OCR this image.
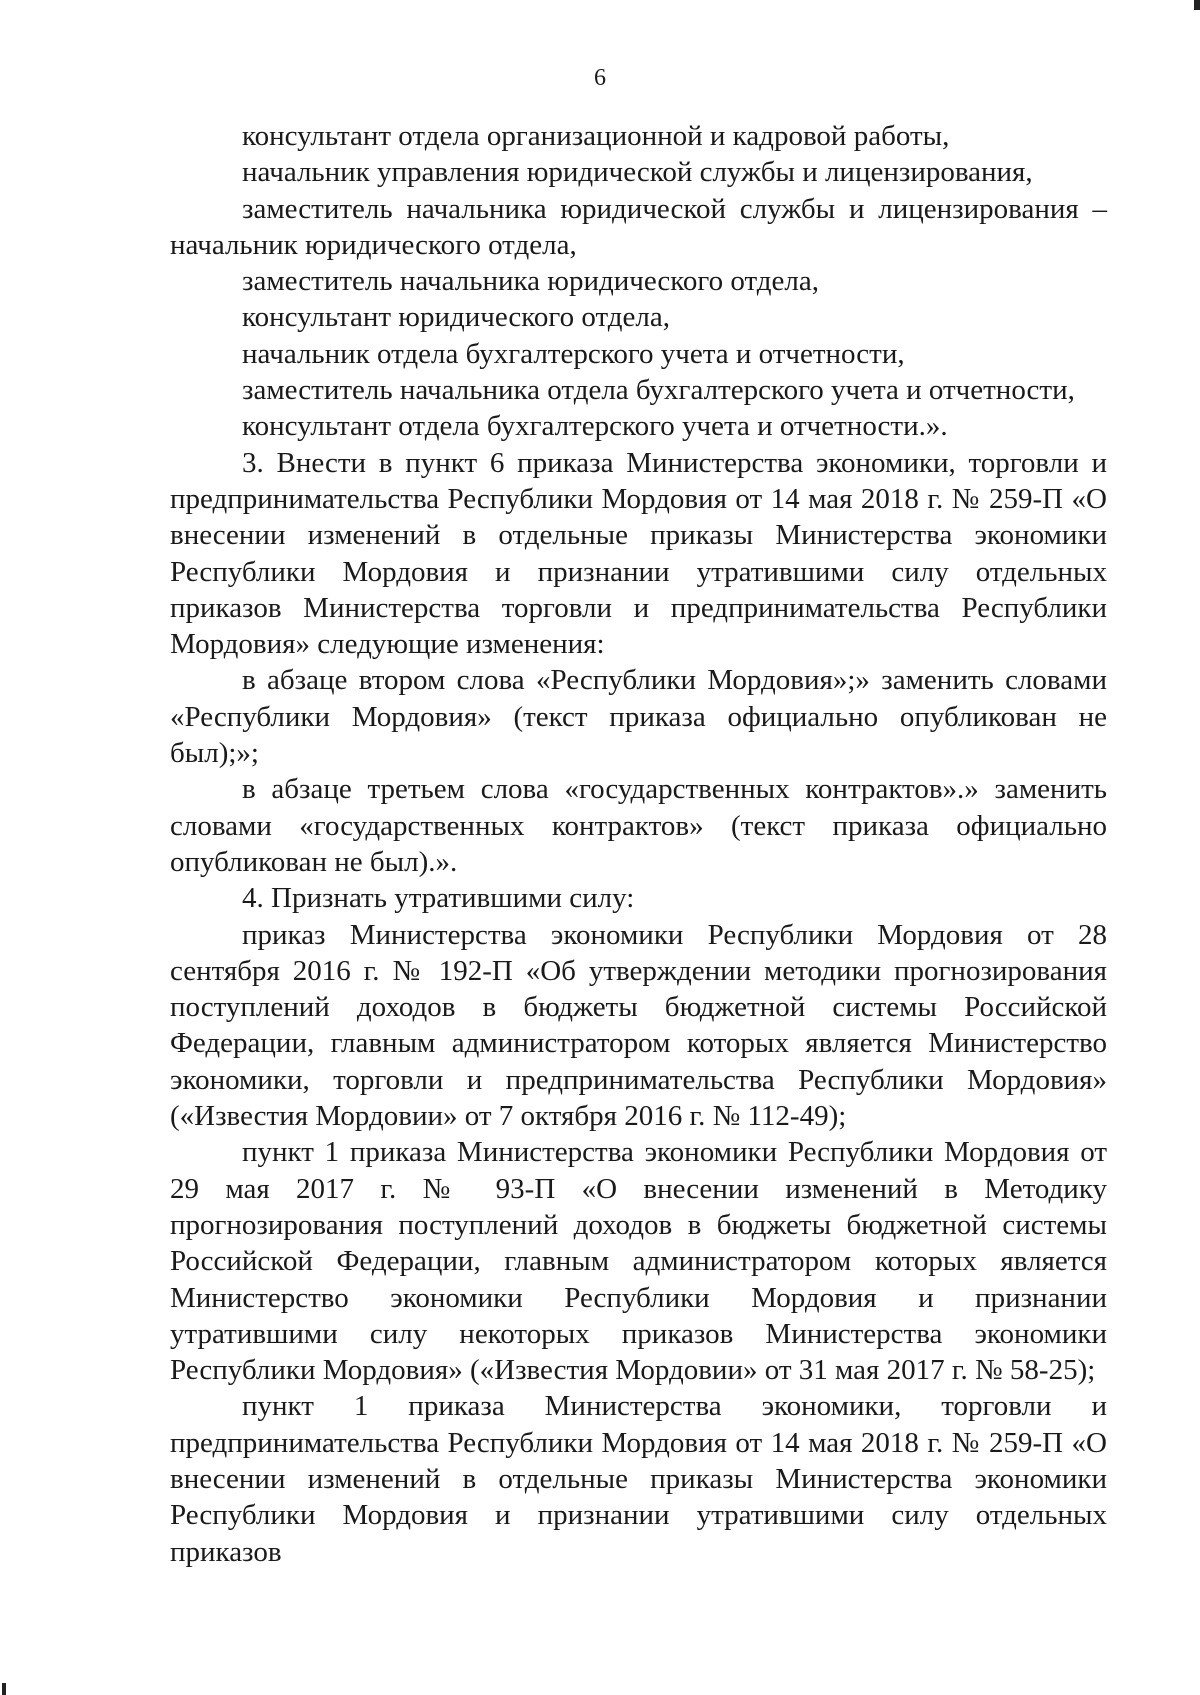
6

консультант отдела организационной и кадровой работы,

начальник управления юридической службы и лицензирования,

заместитель начальника юридической службы и лицензирования – начальник юридического отдела,

заместитель начальника юридического отдела,

консультант юридического отдела,

начальник отдела бухгалтерского учета и отчетности,

заместитель начальника отдела бухгалтерского учета и отчетности,

консультант отдела бухгалтерского учета и отчетности.».

3. Внести в пункт 6 приказа Министерства экономики, торговли и предпринимательства Республики Мордовия от 14 мая 2018 г. № 259-П «О внесении изменений в отдельные приказы Министерства экономики Республики Мордовия и признании утратившими силу отдельных приказов Министерства торговли и предпринимательства Республики Мордовия» следующие изменения:

в абзаце втором слова «Республики Мордовия»;» заменить словами «Республики Мордовия» (текст приказа официально опубликован не был);»;

в абзаце третьем слова «государственных контрактов».» заменить словами «государственных контрактов» (текст приказа официально опубликован не был).».

4. Признать утратившими силу:

приказ Министерства экономики Республики Мордовия от 28 сентября 2016 г. № 192-П «Об утверждении методики прогнозирования поступлений доходов в бюджеты бюджетной системы Российской Федерации, главным администратором которых является Министерство экономики, торговли и предпринимательства Республики Мордовия» («Известия Мордовии» от 7 октября 2016 г. № 112-49);

пункт 1 приказа Министерства экономики Республики Мордовия от 29 мая 2017 г. № 93-П «О внесении изменений в Методику прогнозирования поступлений доходов в бюджеты бюджетной системы Российской Федерации, главным администратором которых является Министерство экономики Республики Мордовия и признании утратившими силу некоторых приказов Министерства экономики Республики Мордовия» («Известия Мордовии» от 31 мая 2017 г. № 58-25);

пункт 1 приказа Министерства экономики, торговли и предпринимательства Республики Мордовия от 14 мая 2018 г. № 259-П «О внесении изменений в отдельные приказы Министерства экономики Республики Мордовия и признании утратившими силу отдельных приказов
